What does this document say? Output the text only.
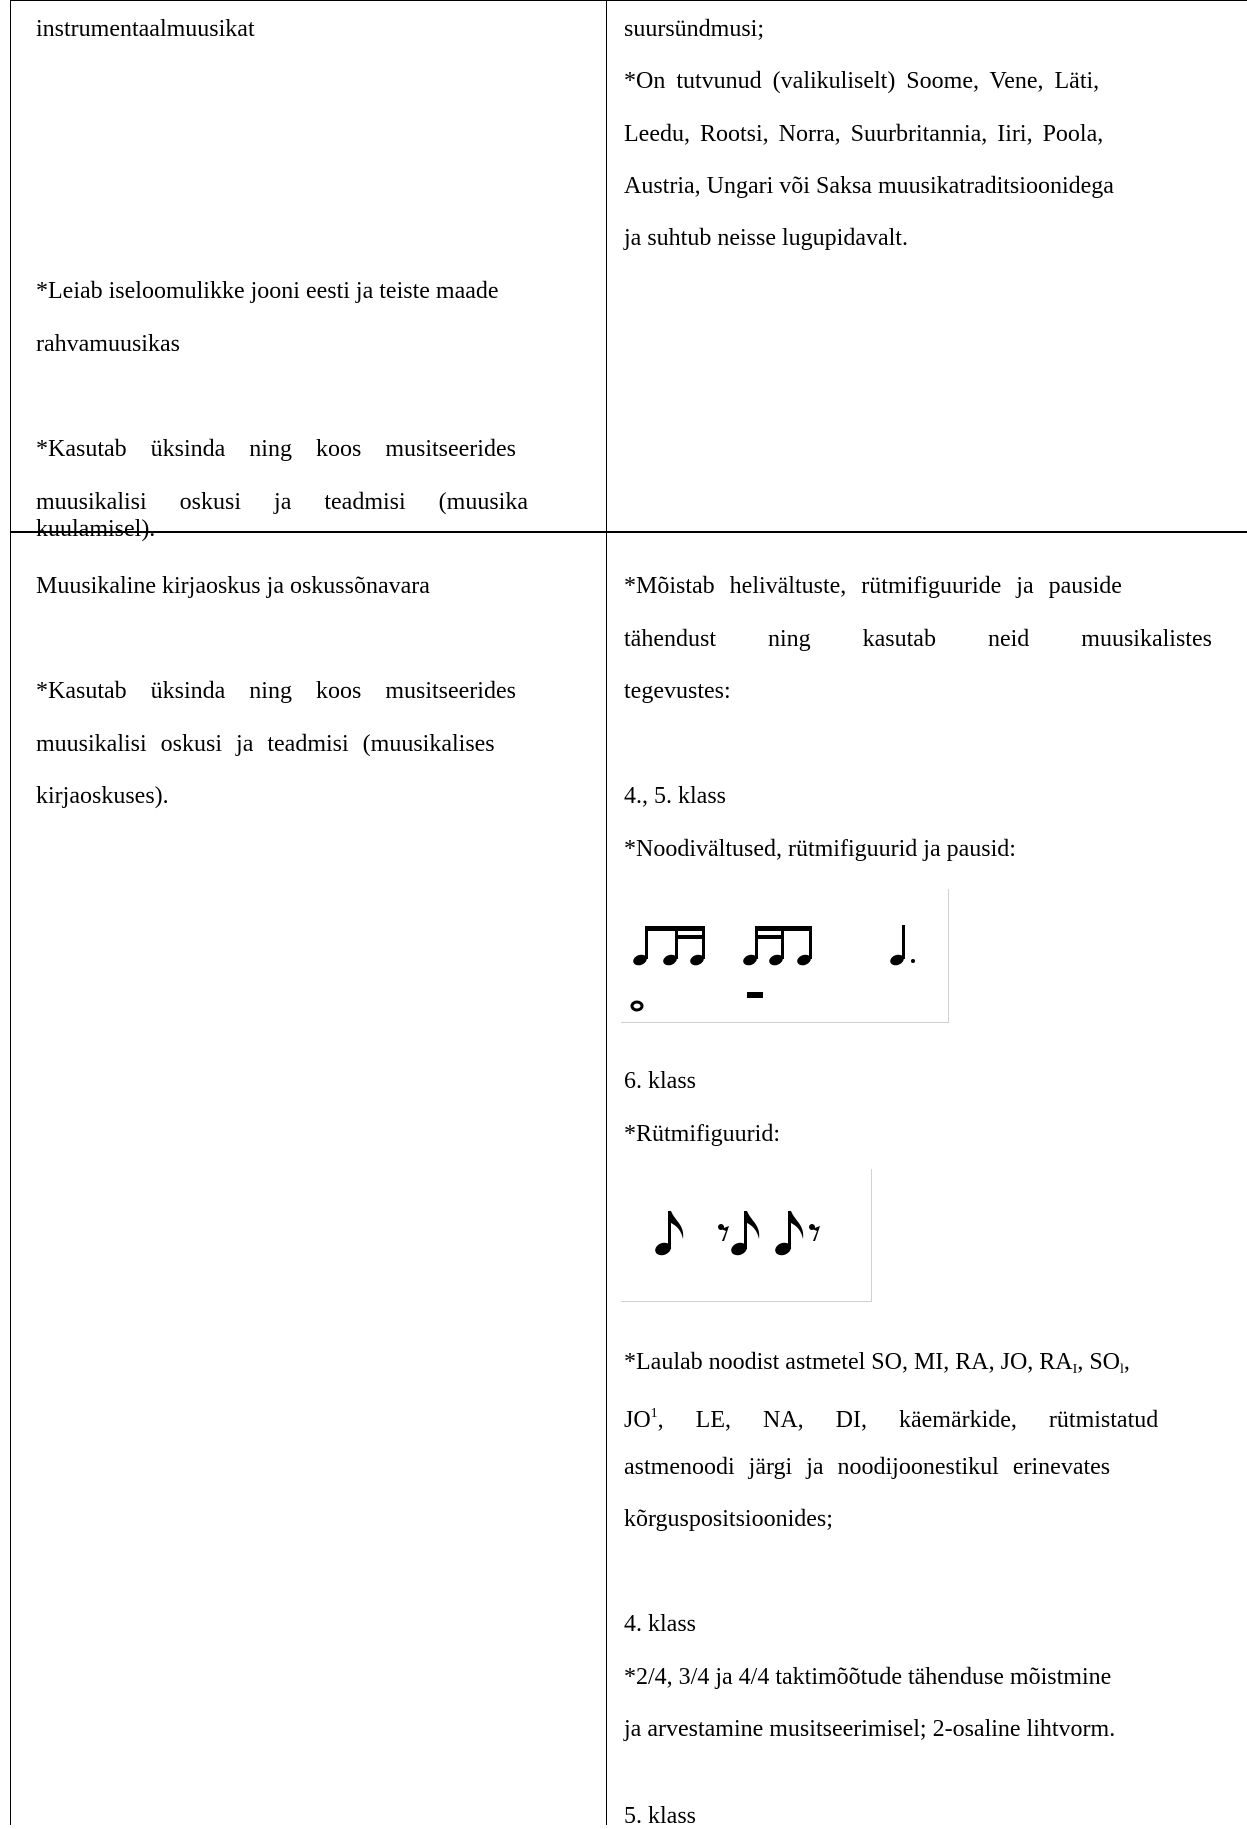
instrumentaalmuusikat
*Leiab iseloomulikke jooni eesti ja teiste maade
rahvamuusikas
*Kasutab üksinda ning koos musitseerides
muusikalisi oskusi ja teadmisi (muusika
kuulamisel).
suursündmusi;
*On tutvunud (valikuliselt) Soome, Vene, Läti,
Leedu, Rootsi, Norra, Suurbritannia, Iiri, Poola,
Austria, Ungari või Saksa muusikatraditsioonidega
ja suhtub neisse lugupidavalt.
Muusikaline kirjaoskus ja oskussõnavara
*Kasutab üksinda ning koos musitseerides
muusikalisi oskusi ja teadmisi (muusikalises
kirjaoskuses).
*Mõistab helivältuste, rütmifiguuride ja pauside
tähendust ning kasutab neid muusikalistes
tegevustes:
4., 5. klass
*Noodivältused, rütmifiguurid ja pausid:
6. klass
*Rütmifiguurid:
*Laulab noodist astmetel SO, MI, RA, JO, $RA_I$, $SO_l$,
$JO^1$, LE, NA, DI, käemärkide, rütmistatud
astmenoodi järgi ja noodijoonestikul erinevates
kõrguspositsioonides;
4. klass
*2/4, 3/4 ja 4/4 taktimõõtude tähenduse mõistmine
ja arvestamine musitseerimisel; 2-osaline lihtvorm.
5. klass
